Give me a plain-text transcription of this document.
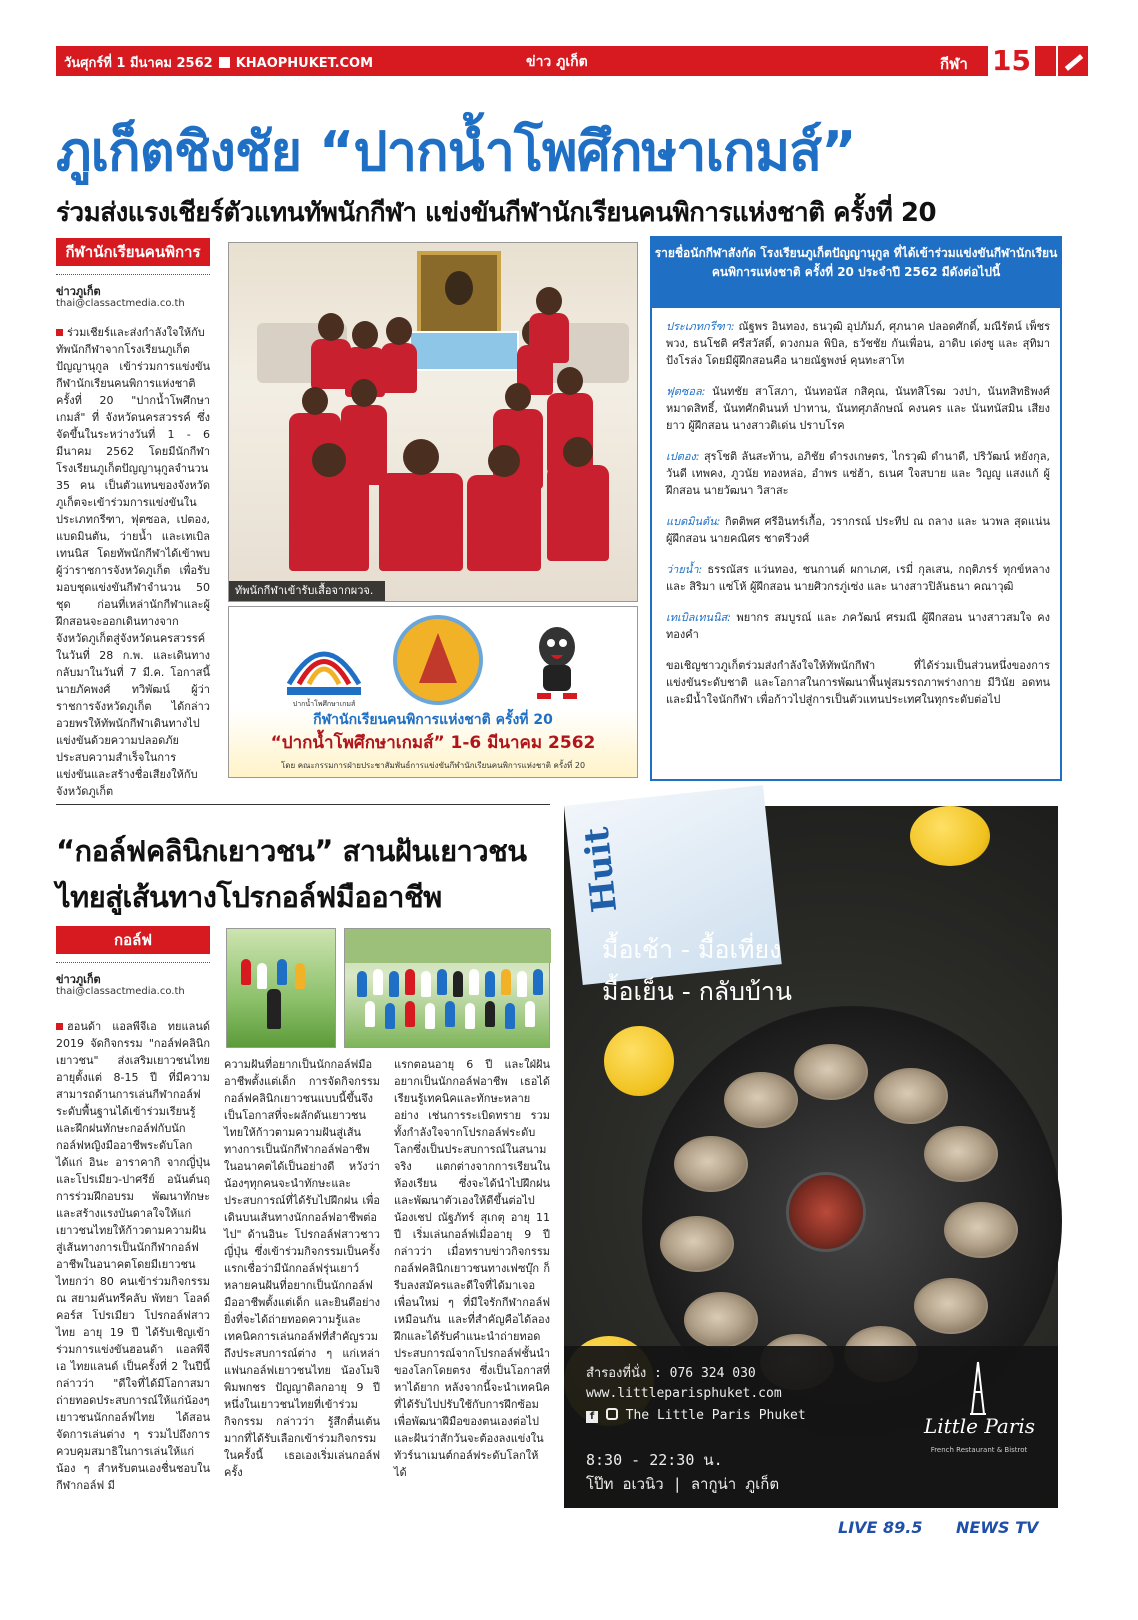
วันศุกร์ที่ 1 มีนาคม 2562 KHAOPHUKET.COM	ข่าว ภูเก็ต	กีฬา 15
ภูเก็ตชิงชัย “ปากน้ำโพศึกษาเกมส์”
ร่วมส่งแรงเชียร์ตัวแทนทัพนักกีฬา แข่งขันกีฬานักเรียนคนพิการแห่งชาติ ครั้งที่ 20
กีฬานักเรียนคนพิการ
ข่าวภูเก็ต
thai@classactmedia.co.th
ร่วมเชียร์และส่งกำลังใจให้กับทัพนักกีฬาจากโรงเรียนภูเก็ตปัญญานุกูล เข้าร่วมการแข่งขันกีฬานักเรียนคนพิการแห่งชาติ ครั้งที่ 20 "ปากน้ำโพศึกษาเกมส์" ที่ จังหวัดนครสวรรค์ ซึ่งจัดขึ้นในระหว่างวันที่ 1 - 6 มีนาคม 2562 โดยมีนักกีฬาโรงเรียนภูเก็ตปัญญานุกูลจำนวน 35 คน เป็นตัวแทนของจังหวัดภูเก็ตจะเข้าร่วมการแข่งขันในประเภทกรีฑา, ฟุตซอล, เปตอง, แบดมินตัน, ว่ายน้ำ และเทเบิลเทนนิส โดยทัพนักกีฬาได้เข้าพบผู้ว่าราชการจังหวัดภูเก็ต เพื่อรับมอบชุดแข่งขันกีฬาจำนวน 50 ชุด ก่อนที่เหล่านักกีฬาและผู้ฝึกสอนจะออกเดินทางจากจังหวัดภูเก็ตสู่จังหวัดนครสวรรค์ในวันที่ 28 ก.พ. และเดินทางกลับมาในวันที่ 7 มี.ค. โอกาสนี้นายภัคพงศ์ ทวิพัฒน์ ผู้ว่าราชการจังหวัดภูเก็ต ได้กล่าวอวยพรให้ทัพนักกีฬาเดินทางไปแข่งขันด้วยความปลอดภัย ประสบความสำเร็จในการแข่งขันและสร้างชื่อเสียงให้กับจังหวัดภูเก็ต
ทัพนักกีฬาเข้ารับเสื้อจากผวจ.
ปากน้ำโพศึกษาเกมส์
กีฬานักเรียนคนพิการแห่งชาติ ครั้งที่ 20
“ปากน้ำโพศึกษาเกมส์” 1-6 มีนาคม 2562
โดย คณะกรรมการฝ่ายประชาสัมพันธ์การแข่งขันกีฬานักเรียนคนพิการแห่งชาติ ครั้งที่ 20
รายชื่อนักกีฬาสังกัด โรงเรียนภูเก็ตปัญญานุกูล ที่ได้เข้าร่วมแข่งขันกีฬานักเรียนคนพิการแห่งชาติ ครั้งที่ 20 ประจำปี 2562 มีดังต่อไปนี้

ประเภทกรีฑา: ณัฐพร อินทอง, ธนวุฒิ อุปภัมภ์, ศุภนาค ปลอดศักดิ์, มณีรัตน์ เพ็ชรพวง, ธนโชติ ศรีสวัสดิ์, ดวงกมล พิบิล, ธวัชชัย กันเพื่อน, อาดิบ เด่งซู และ สุทิมา ปังโรล่ง โดยมีผู้ฝึกสอนคือ นายณัฐพงษ์ คุนทะสาโท

ฟุตซอล: นันทชัย สาโสภา, นันทอนัส กสิคุณ, นันทสิโรฒ วงปา, นันทสิทธิพงศ์ หมาดสิทธิ์, นันทศักดินนท์ ปาทาน, นันทศุภลักษณ์ คงนคร และ นันทนัสมิน เสียงยาว ผู้ฝึกสอน นางสาวดิเด่น ปราบโรค

เปตอง: สุรโชติ ลันสะท้าน, อภิชัย ดำรงเกษตร, ไกรวุฒิ ดำนาดี, ปริวัฒน์ หยังกุล, วันดี เทพคง, ภูวนัย ทองหล่อ, อำพร แซ่ฮ้า, ธเนศ ใจสบาย และ วิญญู แสงแก้ ผู้ฝึกสอน นายวัฒนา วิสาสะ

แบดมินตัน: กิตติพศ ศรีอินทร์เกื้อ, วรากรณ์ ประทีป ณ ถลาง และ นวพล สุดแน่น ผู้ฝึกสอน นายคณิศร ชาตรีวงศ์

ว่ายน้ำ: ธรรณัสร แว่นทอง, ชนกานต์ ผกาเภศ, เรมี่ กุลเสน, กฤติภรร์ ทุกข์หลาง และ สิริมา แซ่โห้ ผู้ฝึกสอน นายศิวกรภู่เซ่ง และ นางสาวปิลันธนา คณาวุฒิ

เทเบิลเทนนิส: พยากร สมบูรณ์ และ ภควัฒน์ ศรมณี ผู้ฝึกสอน นางสาวสมใจ คงทองคำ

ขอเชิญชาวภูเก็ตร่วมส่งกำลังใจให้ทัพนักกีฬา ที่ได้ร่วมเป็นส่วนหนึ่งของการแข่งขันระดับชาติ และโอกาสในการพัฒนาพื้นฟูสมรรถภาพร่างกาย มีวินัย อดทน และมีน้ำใจนักกีฬา เพื่อก้าวไปสู่การเป็นตัวแทนประเทศในทุกระดับต่อไป

“กอล์ฟคลินิกเยาวชน” สานฝันเยาวชน
ไทยสู่เส้นทางโปรกอล์ฟมืออาชีพ
กอล์ฟ
ข่าวภูเก็ต
thai@classactmedia.co.th
ฮอนด้า แอลพีจีเอ ทยแลนด์ 2019 จัดกิจกรรม "กอล์ฟคลินิกเยาวชน" ส่งเสริมเยาวชนไทยอายุตั้งแต่ 8-15 ปี ที่มีความสามารถด้านการเล่นกีฬากอล์ฟระดับพื้นฐานได้เข้าร่วมเรียนรู้และฝึกฝนทักษะกอล์ฟกับนักกอล์ฟหญิงมืออาชีพระดับโลกได้แก่ อินะ อาราคากิ จากญี่ปุ่น และโปรเมียว-ปาศรีย์ อนันต์นฤการร่วมฝึกอบรม พัฒนาทักษะและสร้างแรงบันดาลใจให้แก่เยาวชนไทยให้ก้าวตามความฝันสู่เส้นทางการเป็นนักกีฬากอล์ฟอาชีพในอนาคตโดยมีเยาวชนไทยกว่า 80 คนเข้าร่วมกิจกรรม ณ สยามคันทรีคลับ พัทยา โอลด์คอร์ส โปรเมียว โปรกอล์ฟสาวไทย อายุ 19 ปี ได้รับเชิญเข้าร่วมการแข่งขันฮอนด้า แอลพีจีเอ ไทยแลนด์ เป็นครั้งที่ 2 ในปีนี้ กล่าวว่า "ดีใจที่ได้มีโอกาสมาถ่ายทอดประสบการณ์ให้แก่น้องๆ เยาวชนนักกอล์ฟไทย ได้สอนจัดการเล่นต่าง ๆ รวมไปถึงการควบคุมสมาธิในการเล่นให้แก่น้อง ๆ สำหรับตนเองชื่นชอบในกีฬากอล์ฟ มี
ความฝันที่อยากเป็นนักกอล์ฟมืออาชีพตั้งแต่เด็ก การจัดกิจกรรมกอล์ฟคลินิกเยาวชนแบบนี้ขึ้นจึงเป็นโอกาสที่จะผลักดันเยาวชนไทยให้ก้าวตามความฝันสู่เส้นทางการเป็นนักกีฬากอล์ฟอาชีพในอนาคตได้เป็นอย่างดี หวังว่าน้องๆทุกคนจะนำทักษะและประสบการณ์ที่ได้รับไปฝึกฝน เพื่อเดินบนเส้นทางนักกอล์ฟอาชีพต่อไป" ด้านอินะ โปรกอล์ฟสาวชาวญี่ปุ่น ซึ่งเข้าร่วมกิจกรรมเป็นครั้งแรกเชื่อว่ามีนักกอล์ฟรุ่นเยาว์หลายคนฝันที่อยากเป็นนักกอล์ฟมืออาชีพตั้งแต่เด็ก และยินดีอย่างยิ่งที่จะได้ถ่ายทอดความรู้และเทคนิคการเล่นกอล์ฟที่สำคัญรวมถึงประสบการณ์ต่าง ๆ แก่เหล่าแฟนกอล์ฟเยาวชนไทย น้องโมจิ พิมพกชร ปัญญาดิลกอายุ 9 ปี หนึ่งในเยาวชนไทยที่เข้าร่วมกิจกรรม กล่าวว่า รู้สึกตื่นเต้นมากที่ได้รับเลือกเข้าร่วมกิจกรรมในครั้งนี้ เธอเองเริ่มเล่นกอล์ฟครั้ง
แรกตอนอายุ 6 ปี และใฝ่ฝันอยากเป็นนักกอล์ฟอาชีพ เธอได้เรียนรู้เทคนิคและทักษะหลายอย่าง เช่นการระเบิดทราย รวมทั้งกำลังใจจากโปรกอล์ฟระดับโลกซึ่งเป็นประสบการณ์ในสนามจริง แตกต่างจากการเรียนในห้องเรียน ซึ่งจะได้นำไปฝึกฝน และพัฒนาตัวเองให้ดีขึ้นต่อไป น้องเชป ณัฐภัทร์ สุเกตุ อายุ 11 ปี เริ่มเล่นกอล์ฟเมื่ออายุ 9 ปี กล่าวว่า เมื่อทราบข่าวกิจกรรมกอล์ฟคลินิกเยาวชนทางเฟซบุ๊ก ก็รีบลงสมัครและดีใจที่ได้มาเจอเพื่อนใหม่ ๆ ที่มีใจรักกีฬากอล์ฟเหมือนกัน และที่สำคัญคือได้ลองฝึกและได้รับคำแนะนำถ่ายทอดประสบการณ์จากโปรกอล์ฟชั้นนำของโลกโดยตรง ซึ่งเป็นโอกาสที่หาได้ยาก หลังจากนี้จะนำเทคนิคที่ได้รับไปปรับใช้กับการฝึกซ้อม เพื่อพัฒนาฝีมือของตนเองต่อไป และฝันว่าสักวันจะต้องลงแข่งในทัวร์นาเมนต์กอล์ฟระดับโลกให้ได้
Huit
มื้อเช้า - มื้อเที่ยง
มื้อเย็น - กลับบ้าน
สำรองที่นั่ง : 076 324 030
www.littleparisphuket.com
f The Little Paris Phuket
8:30 - 22:30 น.
โป๊ท อเวนิว | ลากูน่า ภูเก็ต
Little Paris
French Restaurant & Bistrot
LIVE 89.5 NEWS TV
